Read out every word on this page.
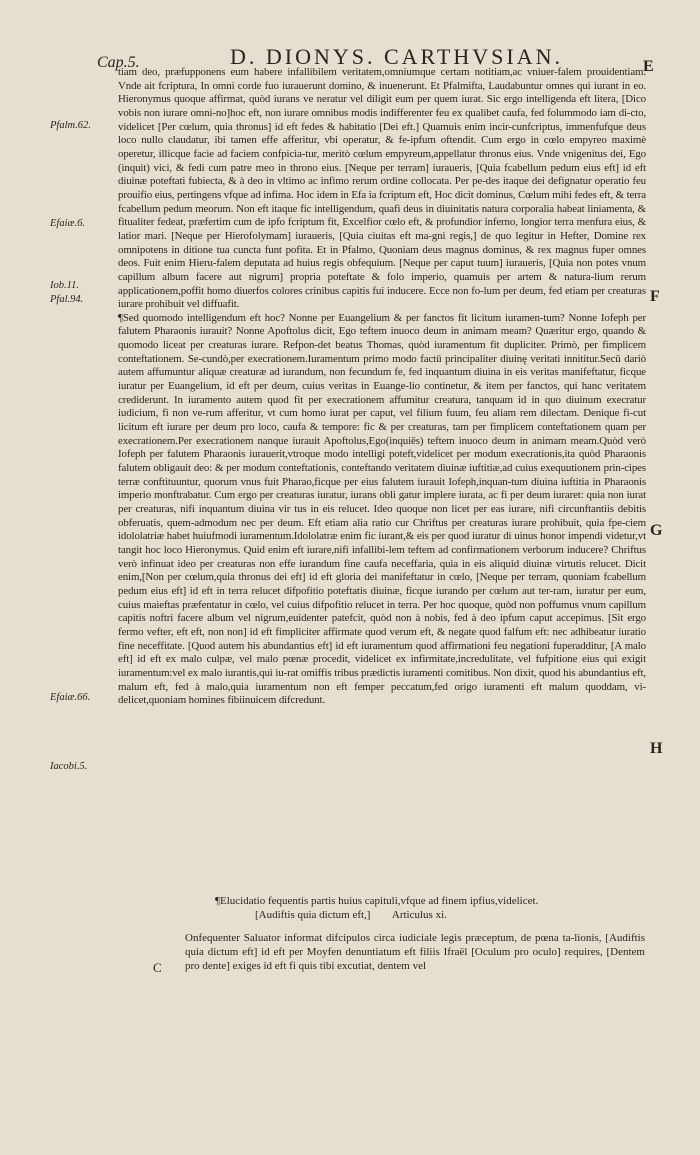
Cap.5.	D. DIONYS. CARTHVSIAN.	E
Pfalm.62.
Efaiæ.6.
Iob.11.
Pfal.94.
Efaiæ.66.
Iacobi.5.
F
G
H

tiam deo, præfupponens eum habere infallibilem veritatem,omniumque certam notitiam,ac vniuer-falem prouidentiam. Vnde ait fcriptura, In omni corde fuo iurauerunt domino, & inuenerunt. Et Pfalmifta, Laudabuntur omnes qui iurant in eo. Hieronymus quoque affirmat, quòd iurans ve neratur vel diligit eum per quem iurat. Sic ergo intelligenda eft litera, [Dico vobis non iurare omni-no]hoc eft, non iurare omnibus modis indifferenter feu ex qualibet caufa, fed folummodo iam di-cto, videlicet [Per cœlum, quia thronus] id eft fedes & habitatio [Dei eft.] Quamuis enim incir-cunfcriptus, immenfufque deus loco nullo claudatur, ibi tamen effe afferitur, vbi operatur, & fe-ipfum oftendit. Cum ergo in cœlo empyreo maximè operetur, illicque facie ad faciem confpicia-tur, meritò cœlum empyreum,appellatur thronus eius. Vnde vnigenitus dei, Ego (inquit) vici, & fedi cum patre meo in throno eius. [Neque per terram] iuraueris, [Quia fcabellum pedum eius eft] id eft diuinæ poteftati fubiecta, & à deo in vltimo ac infimo rerum ordine collocata. Per pe-des itaque dei defignatur operatio feu prouifio eius, pertingens vfque ad infima. Hoc idem in Efa ia fcriptum eft, Hoc dicit dominus, Cœlum mihi fedes eft, & terra fcabellum pedum meorum. Non eft itaque fic intelligendum, quafi deus in diuinitatis natura corporalia habeat liniamenta, & fitualiter fedeat, præfertim cum de ipfo fcriptum fit, Excelfior cœlo eft, & profundior inferno, longior terra menfura eius, & latior mari. [Neque per Hierofolymam] iuraueris, [Quia ciuitas eft ma-gni regis,] de quo legitur in Hefter, Domine rex omnipotens in ditione tua cuncta funt pofita. Et in Pfalmo, Quoniam deus magnus dominus, & rex magnus fuper omnes deos. Fuit enim Hieru-falem deputata ad huius regis obfequium. [Neque per caput tuum] iuraueris, [Quia non potes vnum capillum album facere aut nigrum] propria poteftate & folo imperio, quamuis per artem & natura-lium rerum applicationem,poffit homo diuerfos colores crinibus capitis fui inducere. Ecce non fo-lum per deum, fed etiam per creaturas iurare prohibuit vel diffuafit.

¶Sed quomodo intelligendum eft hoc? Nonne per Euangelium & per fanctos fit licitum iuramen-tum? Nonne Iofeph per falutem Pharaonis iurauit? Nonne Apoftolus dicit, Ego teftem inuoco deum in animam meam? Quæritur ergo, quando & quomodo liceat per creaturas iurare. Refpon-det beatus Thomas, quòd iuramentum fit dupliciter. Primò, per fimplicem conteftationem. Se-cundò,per execrationem.Iuramentum primo modo factū principaliter diuinę veritati innititur.Secū dariò autem affumuntur aliquæ creaturæ ad iurandum, non fecundum fe, fed inquantum diuina in eis veritas manifeftatur, ficque iuratur per Euangelium, id eft per deum, cuius veritas in Euange-lio continetur, & item per fanctos, qui hanc veritatem crediderunt. In iuramento autem quod fit per execrationem affumitur creatura, tanquam id in quo diuinum execratur iudicium, fi non ve-rum afferitur, vt cum homo iurat per caput, vel filium fuum, feu aliam rem dilectam. Denique fi-cut licitum eft iurare per deum pro loco, caufa & tempore: fic & per creaturas, tam per fimplicem conteftationem quam per execrationem.Per execrationem nanque iurauit Apoftolus,Ego(inquiēs) teftem inuoco deum in animam meam.Quòd verò Iofeph per falutem Pharaonis iurauerit,vtroque modo intelligi poteft,videlicet per modum execrationis,ita quòd Pharaonis falutem obligauit deo: & per modum conteftationis, conteftando veritatem diuinæ iuftitiæ,ad cuius exequutionem prin-cipes terræ conftituuntur, quorum vnus fuit Pharao,ficque per eius falutem iurauit Iofeph,inquan-tum diuina iuftitia in Pharaonis imperio monftrabatur. Cum ergo per creaturas iuratur, iurans obli gatur implere iurata, ac fi per deum iuraret: quia non iurat per creaturas, nifi inquantum diuina vir tus in eis relucet. Ideo quoque non licet per eas iurare, nifi circunftantiis debitis obferuatis, quem-admodum nec per deum. Eft etiam alia ratio cur Chriftus per creaturas iurare prohibuit, quia fpe-ciem idololatriæ habet huiufmodi iuramentum.Idololatræ enim fic iurant,& eis per quod iuratur di uinus honor impendi videtur,vt tangit hoc loco Hieronymus. Quid enim eft iurare,nifi infallibi-lem teftem ad confirmationem verborum inducere? Chriftus verò infinuat ideo per creaturas non effe iurandum fine caufa neceffaria, quia in eis aliquid diuinæ virtutis relucet. Dicit enim,[Non per cœlum,quia thronus dei eft] id eft gloria dei manifeftatur in cœlo, [Neque per terram, quoniam fcabellum pedum eius eft] id eft in terra relucet difpofitio poteftatis diuinæ, ficque iurando per cœlum aut ter-ram, iuratur per eum, cuius maieftas præfentatur in cœlo, vel cuius difpofitio relucet in terra. Per hoc quoque, quòd non poffumus vnum capillum capitis noftri facere album vel nigrum,euidenter patefcit, quòd non à nobis, fed à deo ipfum caput accepimus. [Sit ergo fermo vefter, eft eft, non non] id eft fimpliciter affirmate quod verum eft, & negate quod falfum eft: nec adhibeatur iuratio fine neceffitate. [Quod autem his abundantius eft] id eft iuramentum quod affirmationi feu negationi fuperadditur, [A malo eft] id eft ex malo culpæ, vel malo pœnæ procedit, videlicet ex infirmitate,incredulitate, vel fufpitione eius qui exigit iuramentum:vel ex malo iurantis,qui iu-rat omiffis tribus prædictis iuramenti comitibus. Non dixit, quod his abundantius eft, malum eft, fed à malo,quia iuramentum non eft femper peccatum,fed origo iuramenti eft malum quoddam, vi-delicet,quoniam homines fibiinuicem difcredunt.

¶Elucidatio fequentis partis huius capituli,vfque ad finem ipfius,videlicet.
[Audiftis quia dictum eft,] Articulus xi.
C
Onfequenter Saluator informat difcipulos circa iudiciale legis præceptum, de pœna ta-lionis, [Audiftis quia dictum eft] id eft per Moyfen denuntiatum eft filiis Ifraël [Oculum pro oculo] requires, [Dentem pro dente] exiges id eft fi quis tibi excutiat, dentem vel
